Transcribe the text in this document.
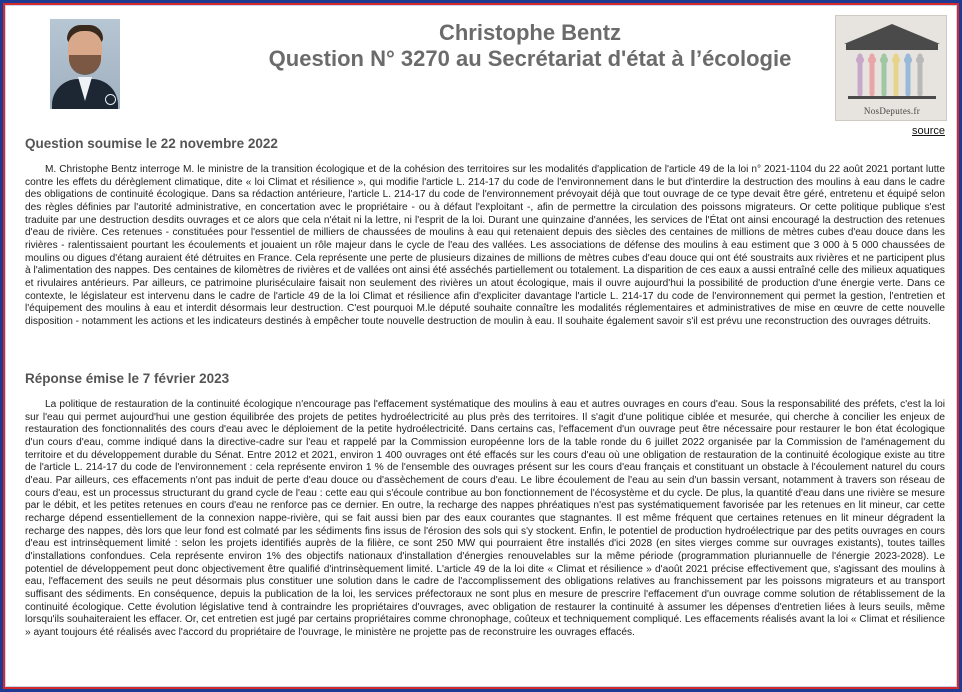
Christophe Bentz
Question N° 3270 au Secrétariat d'état à l’écologie
NosDeputes.fr
source
Question soumise le 22 novembre 2022

M. Christophe Bentz interroge M. le ministre de la transition écologique et de la cohésion des territoires sur les modalités d'application de l'article 49 de la loi n° 2021-1104 du 22 août 2021 portant lutte contre les effets du dérèglement climatique, dite « loi Climat et résilience », qui modifie l'article L. 214-17 du code de l'environnement dans le but d'interdire la destruction des moulins à eau dans le cadre des obligations de continuité écologique. Dans sa rédaction antérieure, l'article L. 214-17 du code de l'environnement prévoyait déjà que tout ouvrage de ce type devait être géré, entretenu et équipé selon des règles définies par l'autorité administrative, en concertation avec le propriétaire - ou à défaut l'exploitant -, afin de permettre la circulation des poissons migrateurs. Or cette politique publique s'est traduite par une destruction desdits ouvrages et ce alors que cela n'était ni la lettre, ni l'esprit de la loi. Durant une quinzaine d'années, les services de l'État ont ainsi encouragé la destruction des retenues d'eau de rivière. Ces retenues - constituées pour l'essentiel de milliers de chaussées de moulins à eau qui retenaient depuis des siècles des centaines de millions de mètres cubes d'eau douce dans les rivières - ralentissaient pourtant les écoulements et jouaient un rôle majeur dans le cycle de l'eau des vallées. Les associations de défense des moulins à eau estiment que 3 000 à 5 000 chaussées de moulins ou digues d'étang auraient été détruites en France. Cela représente une perte de plusieurs dizaines de millions de mètres cubes d'eau douce qui ont été soustraits aux rivières et ne participent plus à l'alimentation des nappes. Des centaines de kilomètres de rivières et de vallées ont ainsi été asséchés partiellement ou totalement. La disparition de ces eaux a aussi entraîné celle des milieux aquatiques et rivulaires antérieurs. Par ailleurs, ce patrimoine pluriséculaire faisait non seulement des rivières un atout écologique, mais il ouvre aujourd'hui la possibilité de production d'une énergie verte. Dans ce contexte, le législateur est intervenu dans le cadre de l'article 49 de la loi Climat et résilience afin d'expliciter davantage l'article L. 214-17 du code de l'environnement qui permet la gestion, l'entretien et l'équipement des moulins à eau et interdit désormais leur destruction. C'est pourquoi M.le député souhaite connaître les modalités réglementaires et administratives de mise en œuvre de cette nouvelle disposition - notamment les actions et les indicateurs destinés à empêcher toute nouvelle destruction de moulin à eau. Il souhaite également savoir s'il est prévu une reconstruction des ouvrages détruits.

Réponse émise le 7 février 2023

La politique de restauration de la continuité écologique n'encourage pas l'effacement systématique des moulins à eau et autres ouvrages en cours d'eau. Sous la responsabilité des préfets, c'est la loi sur l'eau qui permet aujourd'hui une gestion équilibrée des projets de petites hydroélectricité au plus près des territoires. Il s'agit d'une politique ciblée et mesurée, qui cherche à concilier les enjeux de restauration des fonctionnalités des cours d'eau avec le déploiement de la petite hydroélectricité. Dans certains cas, l'effacement d'un ouvrage peut être nécessaire pour restaurer le bon état écologique d'un cours d'eau, comme indiqué dans la directive-cadre sur l'eau et rappelé par la Commission européenne lors de la table ronde du 6 juillet 2022 organisée par la Commission de l'aménagement du territoire et du développement durable du Sénat. Entre 2012 et 2021, environ 1 400 ouvrages ont été effacés sur les cours d'eau où une obligation de restauration de la continuité écologique existe au titre de l'article L. 214-17 du code de l'environnement : cela représente environ 1 % de l'ensemble des ouvrages présent sur les cours d'eau français et constituant un obstacle à l'écoulement naturel du cours d'eau. Par ailleurs, ces effacements n'ont pas induit de perte d'eau douce ou d'assèchement de cours d'eau. Le libre écoulement de l'eau au sein d'un bassin versant, notamment à travers son réseau de cours d'eau, est un processus structurant du grand cycle de l'eau : cette eau qui s'écoule contribue au bon fonctionnement de l'écosystème et du cycle. De plus, la quantité d'eau dans une rivière se mesure par le débit, et les petites retenues en cours d'eau ne renforce pas ce dernier. En outre, la recharge des nappes phréatiques n'est pas systématiquement favorisée par les retenues en lit mineur, car cette recharge dépend essentiellement de la connexion nappe-rivière, qui se fait aussi bien par des eaux courantes que stagnantes. Il est même fréquent que certaines retenues en lit mineur dégradent la recharge des nappes, dès lors que leur fond est colmaté par les sédiments fins issus de l'érosion des sols qui s'y stockent. Enfin, le potentiel de production hydroélectrique par des petits ouvrages en cours d'eau est intrinsèquement limité : selon les projets identifiés auprès de la filière, ce sont 250 MW qui pourraient être installés d'ici 2028 (en sites vierges comme sur ouvrages existants), toutes tailles d'installations confondues. Cela représente environ 1% des objectifs nationaux d'installation d'énergies renouvelables sur la même période (programmation pluriannuelle de l'énergie 2023-2028). Le potentiel de développement peut donc objectivement être qualifié d'intrinsèquement limité. L'article 49 de la loi dite « Climat et résilience » d'août 2021 précise effectivement que, s'agissant des moulins à eau, l'effacement des seuils ne peut désormais plus constituer une solution dans le cadre de l'accomplissement des obligations relatives au franchissement par les poissons migrateurs et au transport suffisant des sédiments. En conséquence, depuis la publication de la loi, les services préfectoraux ne sont plus en mesure de prescrire l'effacement d'un ouvrage comme solution de rétablissement de la continuité écologique. Cette évolution législative tend à contraindre les propriétaires d'ouvrages, avec obligation de restaurer la continuité à assumer les dépenses d'entretien liées à leurs seuils, même lorsqu'ils souhaiteraient les effacer. Or, cet entretien est jugé par certains propriétaires comme chronophage, coûteux et techniquement compliqué. Les effacements réalisés avant la loi « Climat et résilience » ayant toujours été réalisés avec l'accord du propriétaire de l'ouvrage, le ministère ne projette pas de reconstruire les ouvrages effacés.
